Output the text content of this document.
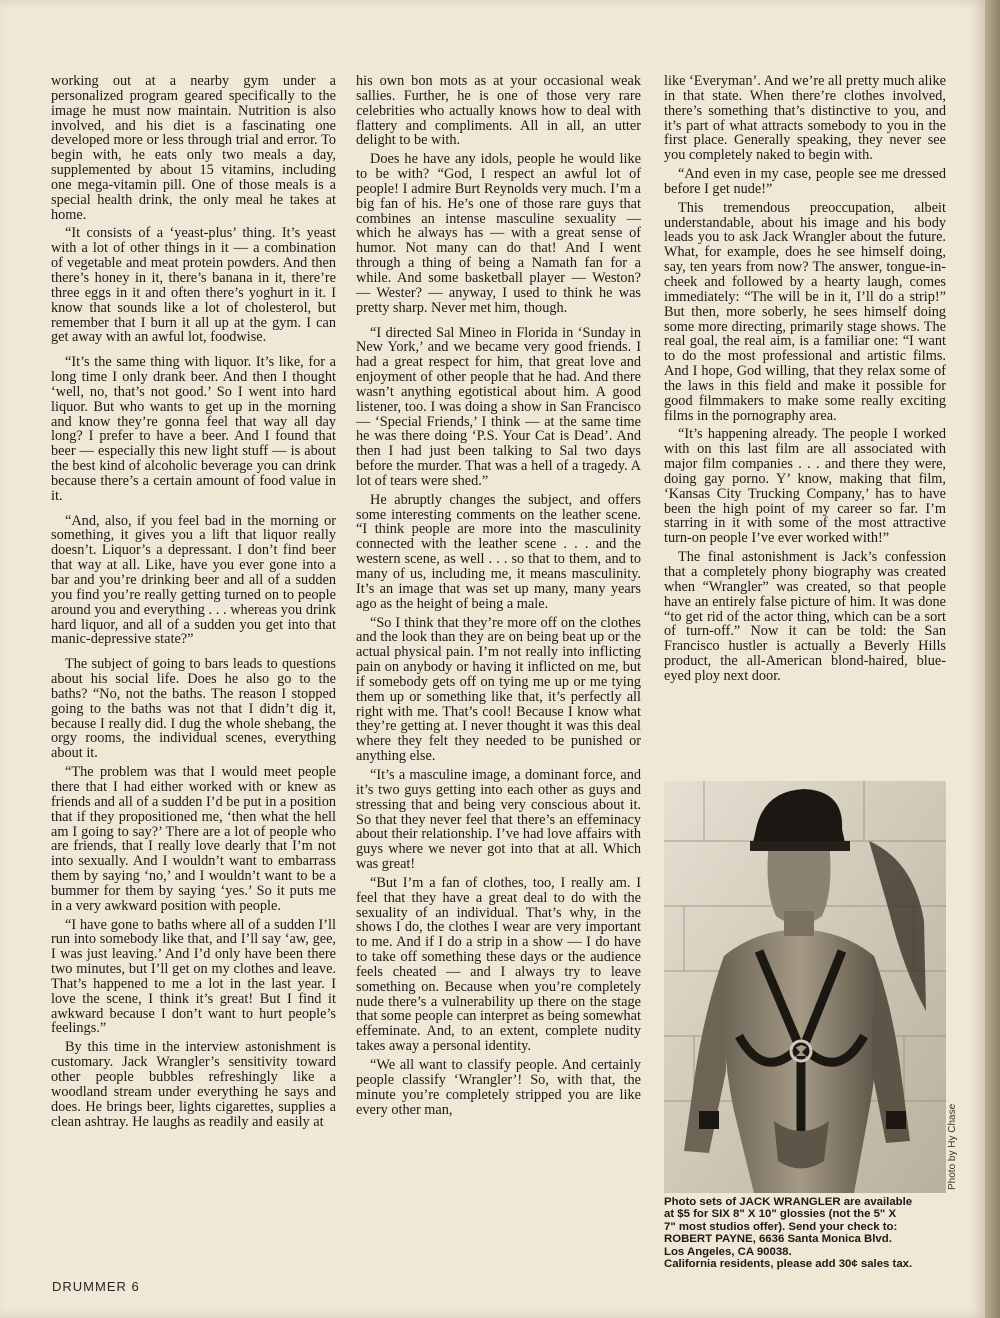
working out at a nearby gym under a personalized program geared specifically to the image he must now maintain. Nutrition is also involved, and his diet is a fascinating one developed more or less through trial and error. To begin with, he eats only two meals a day, supplemented by about 15 vitamins, including one mega-vitamin pill. One of those meals is a special health drink, the only meal he takes at home.

“It consists of a ‘yeast-plus’ thing. It’s yeast with a lot of other things in it — a combination of vegetable and meat protein powders. And then there’s honey in it, there’s banana in it, there’re three eggs in it and often there’s yoghurt in it. I know that sounds like a lot of cholesterol, but remember that I burn it all up at the gym. I can get away with an awful lot, foodwise.

“It’s the same thing with liquor. It’s like, for a long time I only drank beer. And then I thought ‘well, no, that’s not good.’ So I went into hard liquor. But who wants to get up in the morning and know they’re gonna feel that way all day long? I prefer to have a beer. And I found that beer — especially this new light stuff — is about the best kind of alcoholic beverage you can drink because there’s a certain amount of food value in it.

“And, also, if you feel bad in the morning or something, it gives you a lift that liquor really doesn’t. Liquor’s a depressant. I don’t find beer that way at all. Like, have you ever gone into a bar and you’re drinking beer and all of a sudden you find you’re really getting turned on to people around you and everything . . . whereas you drink hard liquor, and all of a sudden you get into that manic-depressive state?”

The subject of going to bars leads to questions about his social life. Does he also go to the baths? “No, not the baths. The reason I stopped going to the baths was not that I didn’t dig it, because I really did. I dug the whole shebang, the orgy rooms, the individual scenes, everything about it.

“The problem was that I would meet people there that I had either worked with or knew as friends and all of a sudden I’d be put in a position that if they propositioned me, ‘then what the hell am I going to say?’ There are a lot of people who are friends, that I really love dearly that I’m not into sexually. And I wouldn’t want to embarrass them by saying ‘no,’ and I wouldn’t want to be a bummer for them by saying ‘yes.’ So it puts me in a very awkward position with people.

“I have gone to baths where all of a sudden I’ll run into somebody like that, and I’ll say ‘aw, gee, I was just leaving.’ And I’d only have been there two minutes, but I’ll get on my clothes and leave. That’s happened to me a lot in the last year. I love the scene, I think it’s great! But I find it awkward because I don’t want to hurt people’s feelings.”

By this time in the interview astonishment is customary. Jack Wrangler’s sensitivity toward other people bubbles refreshingly like a woodland stream under everything he says and does. He brings beer, lights cigarettes, supplies a clean ashtray. He laughs as readily and easily at

his own bon mots as at your occasional weak sallies. Further, he is one of those very rare celebrities who actually knows how to deal with flattery and compliments. All in all, an utter delight to be with.

Does he have any idols, people he would like to be with? “God, I respect an awful lot of people! I admire Burt Reynolds very much. I’m a big fan of his. He’s one of those rare guys that combines an intense masculine sexuality — which he always has — with a great sense of humor. Not many can do that! And I went through a thing of being a Namath fan for a while. And some basketball player — Weston? — Wester? — anyway, I used to think he was pretty sharp. Never met him, though.

“I directed Sal Mineo in Florida in ‘Sunday in New York,’ and we became very good friends. I had a great respect for him, that great love and enjoyment of other people that he had. And there wasn’t anything egotistical about him. A good listener, too. I was doing a show in San Francisco — ‘Special Friends,’ I think — at the same time he was there doing ‘P.S. Your Cat is Dead’. And then I had just been talking to Sal two days before the murder. That was a hell of a tragedy. A lot of tears were shed.”

He abruptly changes the subject, and offers some interesting comments on the leather scene. “I think people are more into the masculinity connected with the leather scene . . . and the western scene, as well . . . so that to them, and to many of us, including me, it means masculinity. It’s an image that was set up many, many years ago as the height of being a male.

“So I think that they’re more off on the clothes and the look than they are on being beat up or the actual physical pain. I’m not really into inflicting pain on anybody or having it inflicted on me, but if somebody gets off on tying me up or me tying them up or something like that, it’s perfectly all right with me. That’s cool! Because I know what they’re getting at. I never thought it was this deal where they felt they needed to be punished or anything else.

“It’s a masculine image, a dominant force, and it’s two guys getting into each other as guys and stressing that and being very conscious about it. So that they never feel that there’s an effeminacy about their relationship. I’ve had love affairs with guys where we never got into that at all. Which was great!

“But I’m a fan of clothes, too, I really am. I feel that they have a great deal to do with the sexuality of an individual. That’s why, in the shows I do, the clothes I wear are very important to me. And if I do a strip in a show — I do have to take off something these days or the audience feels cheated — and I always try to leave something on. Because when you’re completely nude there’s a vulnerability up there on the stage that some people can interpret as being somewhat effeminate. And, to an extent, complete nudity takes away a personal identity.

“We all want to classify people. And certainly people classify ‘Wrangler’! So, with that, the minute you’re completely stripped you are like every other man,

like ‘Everyman’. And we’re all pretty much alike in that state. When there’re clothes involved, there’s something that’s distinctive to you, and it’s part of what attracts somebody to you in the first place. Generally speaking, they never see you completely naked to begin with.

“And even in my case, people see me dressed before I get nude!”

This tremendous preoccupation, albeit understandable, about his image and his body leads you to ask Jack Wrangler about the future. What, for example, does he see himself doing, say, ten years from now? The answer, tongue-in-cheek and followed by a hearty laugh, comes immediately: “The will be in it, I’ll do a strip!” But then, more soberly, he sees himself doing some more directing, primarily stage shows. The real goal, the real aim, is a familiar one: “I want to do the most professional and artistic films. And I hope, God willing, that they relax some of the laws in this field and make it possible for good filmmakers to make some really exciting films in the pornography area.

“It’s happening already. The people I worked with on this last film are all associated with major film companies . . . and there they were, doing gay porno. Y’ know, making that film, ‘Kansas City Trucking Company,’ has to have been the high point of my career so far. I’m starring in it with some of the most attractive turn-on people I’ve ever worked with!”

The final astonishment is Jack’s confession that a completely phony biography was created when “Wrangler” was created, so that people have an entirely false picture of him. It was done “to get rid of the actor thing, which can be a sort of turn-off.” Now it can be told: the San Francisco hustler is actually a Beverly Hills product, the all-American blond-haired, blue-eyed ploy next door.

Photo by Hy Chase
Photo sets of JACK WRANGLER are available
at $5 for SIX 8" X 10" glossies (not the 5" X
7" most studios offer). Send your check to:
ROBERT PAYNE, 6636 Santa Monica Blvd.
Los Angeles, CA 90038.
California residents, please add 30¢ sales tax.
DRUMMER 6
